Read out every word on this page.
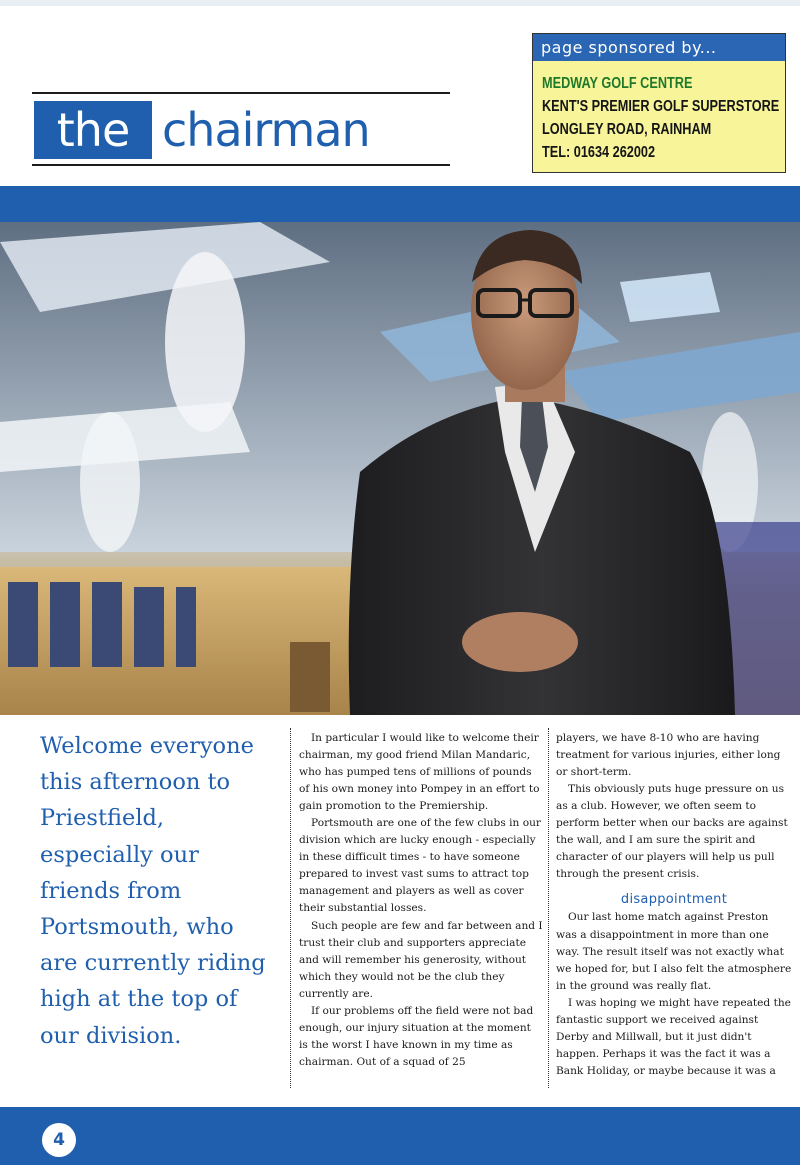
the chairman
page sponsored by...
MEDWAY GOLF CENTRE
KENT'S PREMIER GOLF SUPERSTORE
LONGLEY ROAD, RAINHAM
TEL: 01634 262002
Welcome everyone this afternoon to Priestfield, especially our friends from Portsmouth, who are currently riding high at the top of our division.

In particular I would like to welcome their chairman, my good friend Milan Mandaric, who has pumped tens of millions of pounds of his own money into Pompey in an effort to gain promotion to the Premiership.

Portsmouth are one of the few clubs in our division which are lucky enough - especially in these difficult times - to have someone prepared to invest vast sums to attract top management and players as well as cover their substantial losses.

Such people are few and far between and I trust their club and supporters appreciate and will remember his generosity, without which they would not be the club they currently are.

If our problems off the field were not bad enough, our injury situation at the moment is the worst I have known in my time as chairman. Out of a squad of 25

players, we have 8-10 who are having treatment for various injuries, either long or short-term.

This obviously puts huge pressure on us as a club. However, we often seem to perform better when our backs are against the wall, and I am sure the spirit and character of our players will help us pull through the present crisis.

disappointment

Our last home match against Preston was a disappointment in more than one way. The result itself was not exactly what we hoped for, but I also felt the atmosphere in the ground was really flat.

I was hoping we might have repeated the fantastic support we received against Derby and Millwall, but it just didn't happen. Perhaps it was the fact it was a Bank Holiday, or maybe because it was a

4
